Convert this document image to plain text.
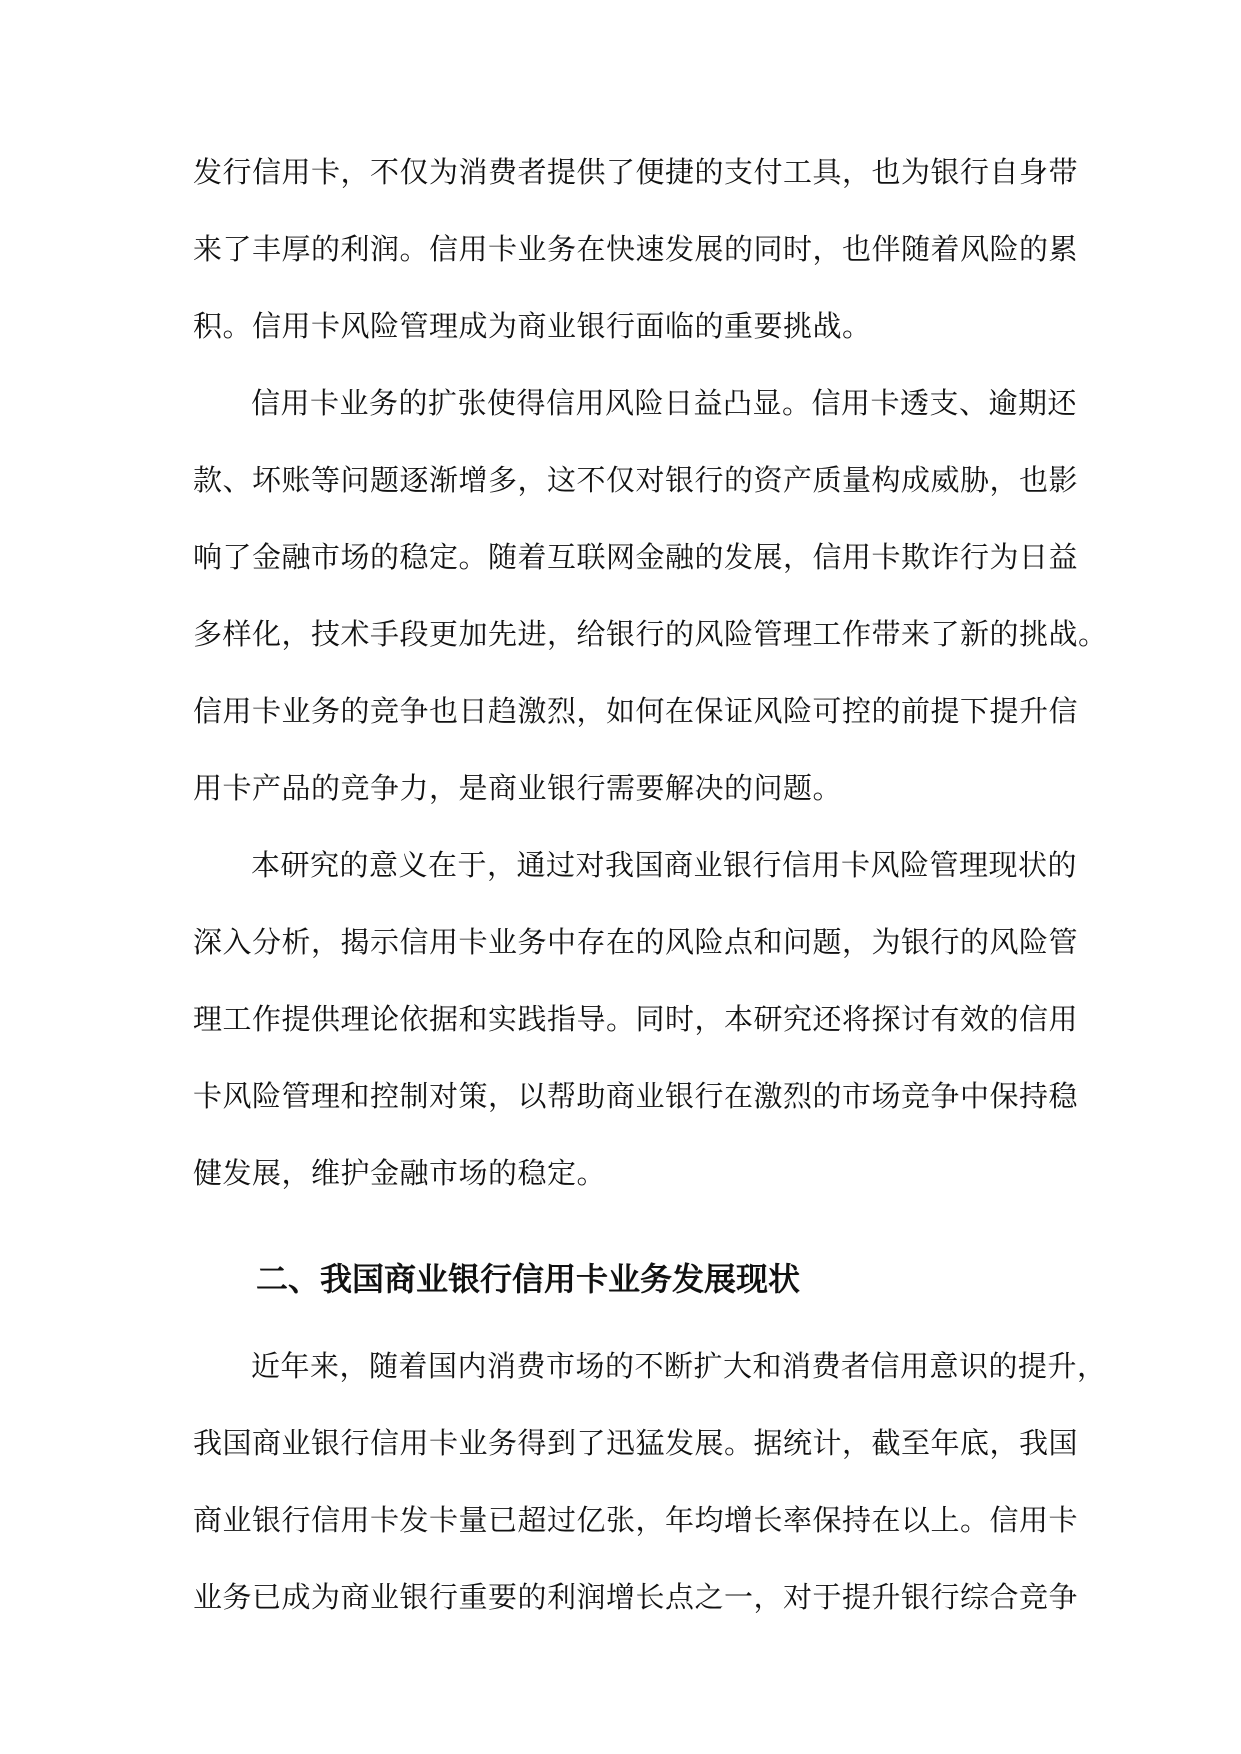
发行信用卡，不仅为消费者提供了便捷的支付工具，也为银行自身带
来了丰厚的利润。信用卡业务在快速发展的同时，也伴随着风险的累
积。信用卡风险管理成为商业银行面临的重要挑战。
信用卡业务的扩张使得信用风险日益凸显。信用卡透支、逾期还
款、坏账等问题逐渐增多，这不仅对银行的资产质量构成威胁，也影
响了金融市场的稳定。随着互联网金融的发展，信用卡欺诈行为日益
多样化，技术手段更加先进，给银行的风险管理工作带来了新的挑战。
信用卡业务的竞争也日趋激烈，如何在保证风险可控的前提下提升信
用卡产品的竞争力，是商业银行需要解决的问题。
本研究的意义在于，通过对我国商业银行信用卡风险管理现状的
深入分析，揭示信用卡业务中存在的风险点和问题，为银行的风险管
理工作提供理论依据和实践指导。同时，本研究还将探讨有效的信用
卡风险管理和控制对策，以帮助商业银行在激烈的市场竞争中保持稳
健发展，维护金融市场的稳定。
二、我国商业银行信用卡业务发展现状
近年来，随着国内消费市场的不断扩大和消费者信用意识的提升，
我国商业银行信用卡业务得到了迅猛发展。据统计，截至年底，我国
商业银行信用卡发卡量已超过亿张，年均增长率保持在以上。信用卡
业务已成为商业银行重要的利润增长点之一，对于提升银行综合竞争
